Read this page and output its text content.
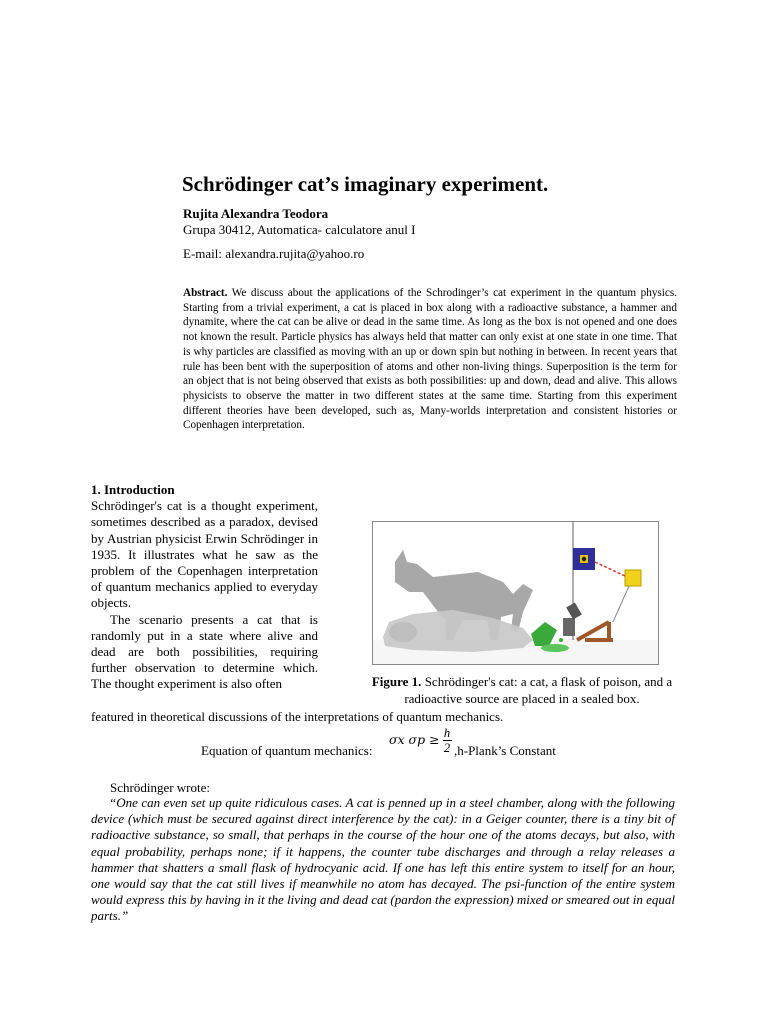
Schrödinger cat’s imaginary experiment.
Rujita Alexandra Teodora
Grupa 30412, Automatica- calculatore anul I
E-mail: alexandra.rujita@yahoo.ro
Abstract. We discuss about the applications of the Schrodinger’s cat experiment in the quantum physics. Starting from a trivial experiment, a cat is placed in box along with a radioactive substance, a hammer and dynamite, where the cat can be alive or dead in the same time. As long as the box is not opened and one does not known the result. Particle physics has always held that matter can only exist at one state in one time. That is why particles are classified as moving with an up or down spin but nothing in between. In recent years that rule has been bent with the superposition of atoms and other non-living things. Superposition is the term for an object that is not being observed that exists as both possibilities: up and down, dead and alive. This allows physicists to observe the matter in two different states at the same time. Starting from this experiment different theories have been developed, such as, Many-worlds interpretation and consistent histories or Copenhagen interpretation.

1. Introduction

Schrödinger's cat is a thought experiment, sometimes described as a paradox, devised by Austrian physicist Erwin Schrödinger in 1935. It illustrates what he saw as the problem of the Copenhagen interpretation of quantum mechanics applied to everyday objects.

The scenario presents a cat that is randomly put in a state where alive and dead are both possibilities, requiring further observation to determine which. The thought experiment is also often

featured in theoretical discussions of the interpretations of quantum mechanics.
Figure 1. Schrödinger's cat: a cat, a flask of poison, and a radioactive source are placed in a sealed box.
Equation of quantum mechanics:
σx σp ≥ h
2 ,h-Plank’s Constant
Schrödinger wrote:
“One can even set up quite ridiculous cases. A cat is penned up in a steel chamber, along with the following device (which must be secured against direct interference by the cat): in a Geiger counter, there is a tiny bit of radioactive substance, so small, that perhaps in the course of the hour one of the atoms decays, but also, with equal probability, perhaps none; if it happens, the counter tube discharges and through a relay releases a hammer that shatters a small flask of hydrocyanic acid. If one has left this entire system to itself for an hour, one would say that the cat still lives if meanwhile no atom has decayed. The psi-function of the entire system would express this by having in it the living and dead cat (pardon the expression) mixed or smeared out in equal parts.”
